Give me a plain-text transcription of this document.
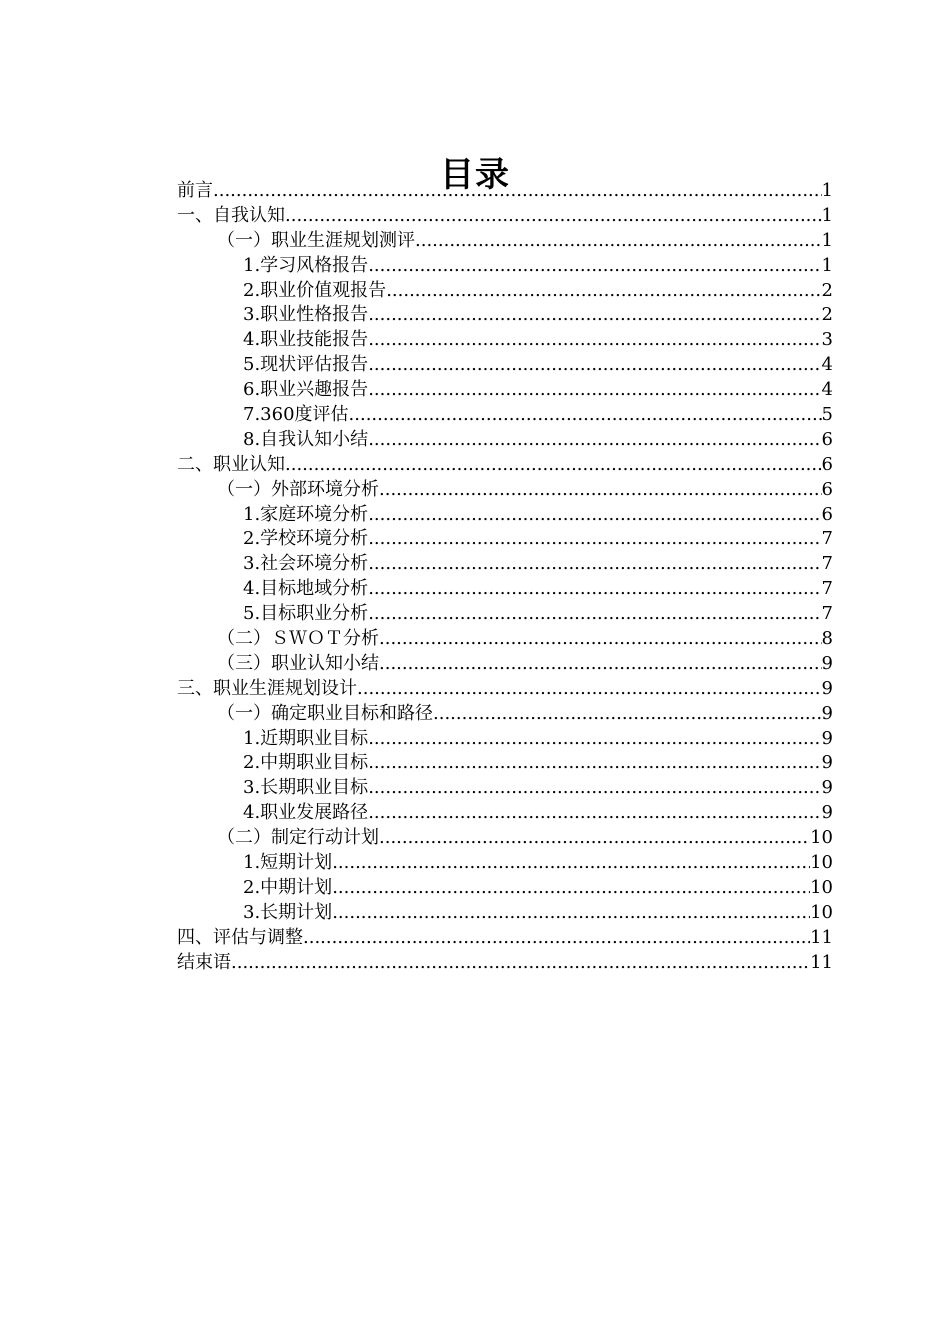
目录
前言 .....	1
一、自我认知 .....	1
（一）职业生涯规划测评 .....	1
1.学习风格报告 .....	1
2.职业价值观报告 .....	2
3.职业性格报告 .....	2
4.职业技能报告 .....	3
5.现状评估报告 .....	4
6.职业兴趣报告 .....	4
7.360度评估 .....	5
8.自我认知小结 .....	6
二、职业认知 .....	6
（一）外部环境分析 .....	6
1.家庭环境分析 .....	6
2.学校环境分析 .....	7
3.社会环境分析 .....	7
4.目标地域分析 .....	7
5.目标职业分析 .....	7
（二）ＳＷＯＴ分析 .....	8
（三）职业认知小结 .....	9
三、职业生涯规划设计 .....	9
（一）确定职业目标和路径 .....	9
1.近期职业目标 .....	9
2.中期职业目标 .....	9
3.长期职业目标 .....	9
4.职业发展路径 .....	9
（二）制定行动计划 .....	10
1.短期计划 .....	10
2.中期计划 .....	10
3.长期计划 .....	10
四、评估与调整 .....	11
结束语 .....	11
